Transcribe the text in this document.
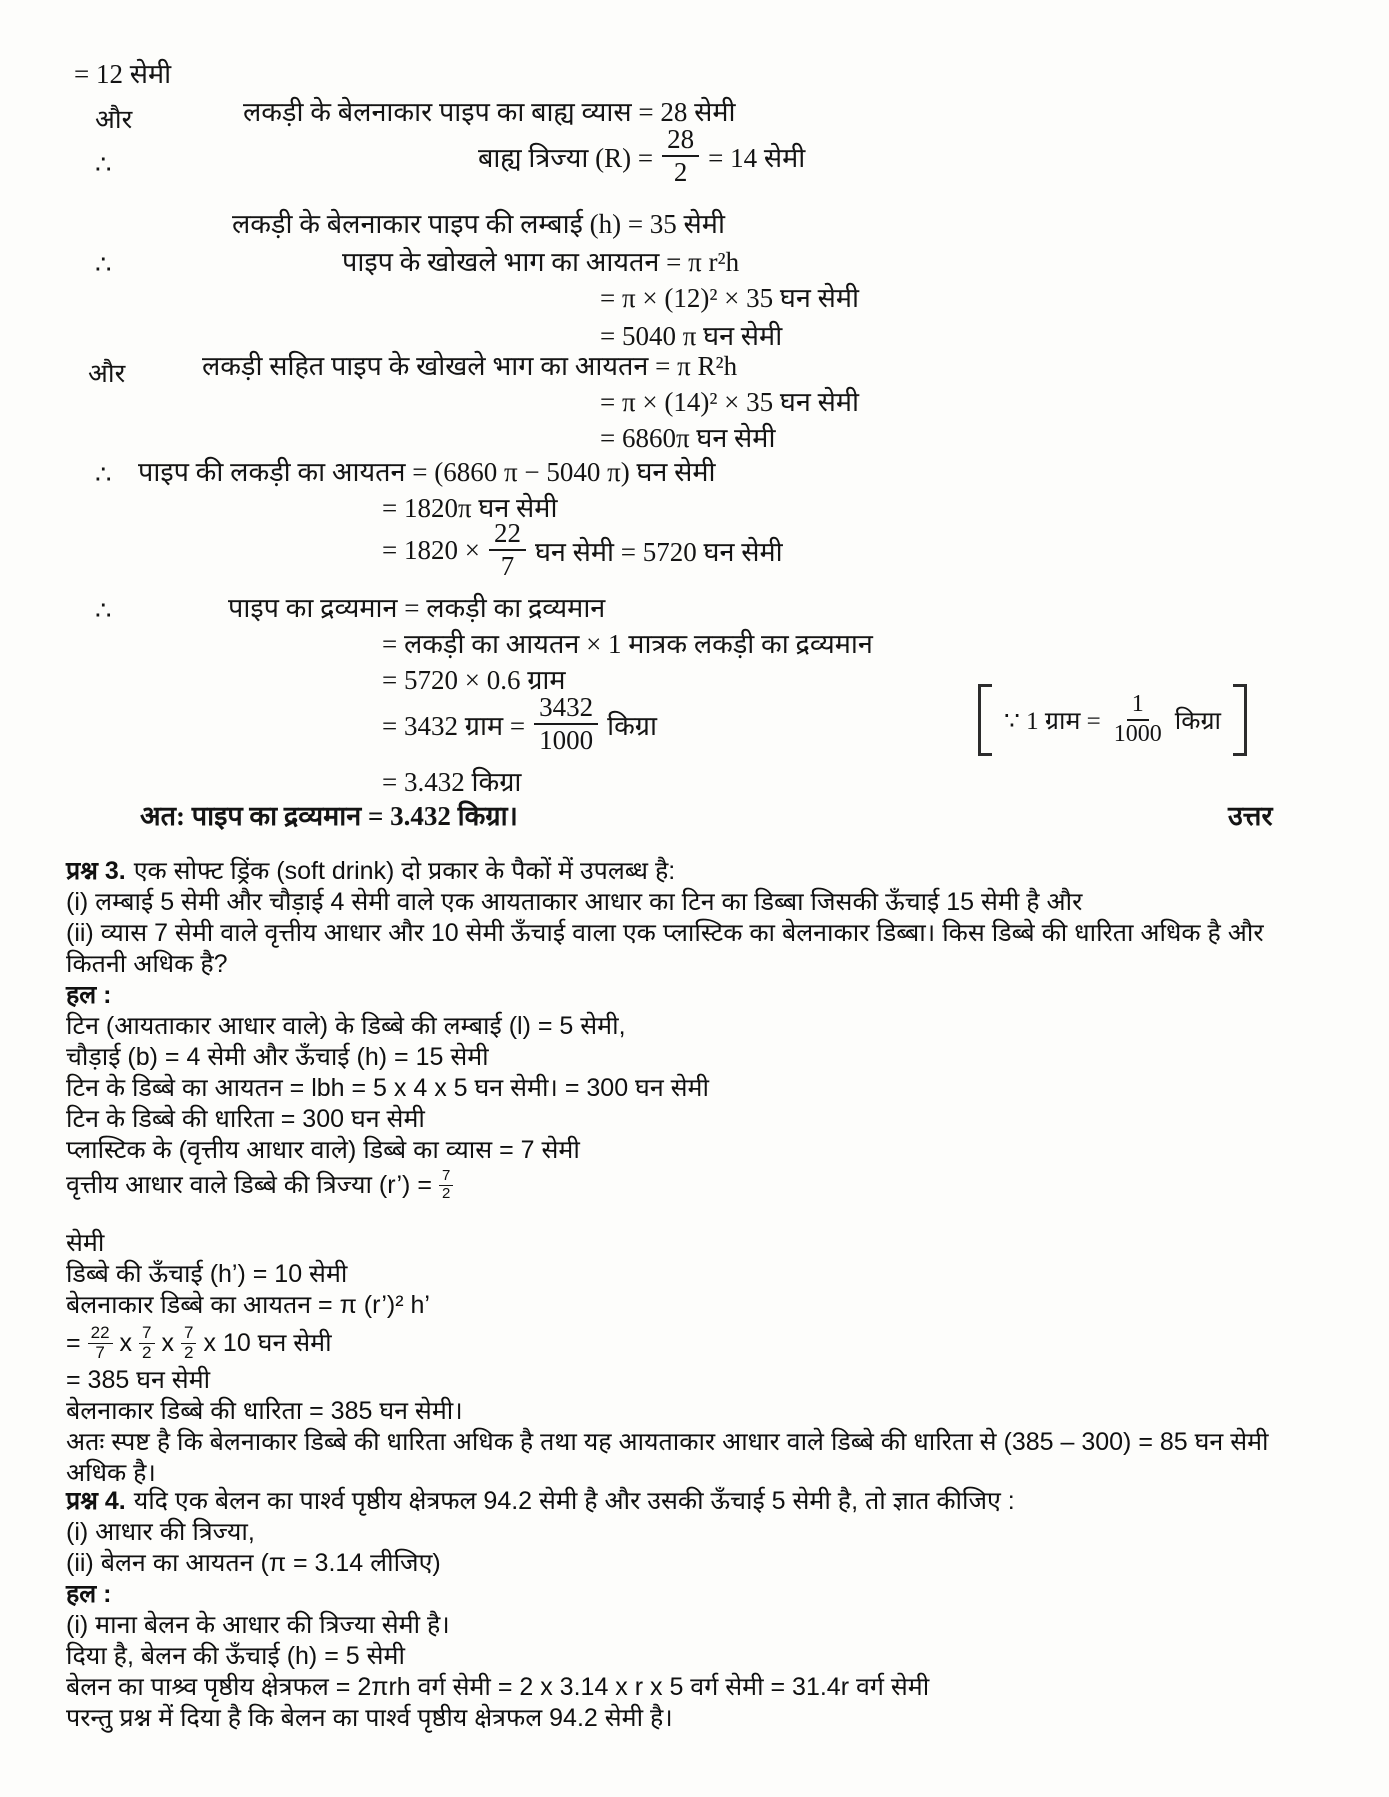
= 12 सेमी
और	लकड़ी के बेलनाकार पाइप का बाह्य व्यास = 28 सेमी
∴	बाह्य त्रिज्या $(R) = \frac{28}{2} = 14$ सेमी
लकड़ी के बेलनाकार पाइप की लम्बाई (h) = 35 सेमी
∴	पाइप के खोखले भाग का आयतन = π r²h
= π × (12)² × 35 घन सेमी
= 5040 π घन सेमी
और	लकड़ी सहित पाइप के खोखले भाग का आयतन = π R²h
= π × (14)² × 35 घन सेमी
= 6860π घन सेमी
∴ पाइप की लकड़ी का आयतन = (6860 π − 5040 π) घन सेमी
= 1820π घन सेमी
= $1820 \times \frac{22}{7}$ घन सेमी = 5720 घन सेमी
∴	पाइप का द्रव्यमान = लकड़ी का द्रव्यमान
= लकड़ी का आयतन × 1 मात्रक लकड़ी का द्रव्यमान
= 5720 × 0.6 ग्राम
= 3432 ग्राम = $\frac{3432}{1000}$ किग्रा	∵ 1 ग्राम = $\frac{1}{1000}$ किग्रा
= 3.432 किग्रा
अत: पाइप का द्रव्यमान = 3.432 किग्रा।	उत्तर
प्रश्न 3. एक सोफ्ट ड्रिंक (soft drink) दो प्रकार के पैकों में उपलब्ध है:
(i) लम्बाई 5 सेमी और चौड़ाई 4 सेमी वाले एक आयताकार आधार का टिन का डिब्बा जिसकी ऊँचाई 15 सेमी है और
(ii) व्यास 7 सेमी वाले वृत्तीय आधार और 10 सेमी ऊँचाई वाला एक प्लास्टिक का बेलनाकार डिब्बा। किस डिब्बे की धारिता अधिक है और कितनी अधिक है?
हल :
टिन (आयताकार आधार वाले) के डिब्बे की लम्बाई (l) = 5 सेमी,
चौड़ाई (b) = 4 सेमी और ऊँचाई (h) = 15 सेमी
टिन के डिब्बे का आयतन = lbh = 5 x 4 x 5 घन सेमी। = 300 घन सेमी
टिन के डिब्बे की धारिता = 300 घन सेमी
प्लास्टिक के (वृत्तीय आधार वाले) डिब्बे का व्यास = 7 सेमी
वृत्तीय आधार वाले डिब्बे की त्रिज्या (r’) = $\frac{7}{2}$
सेमी
डिब्बे की ऊँचाई (h’) = 10 सेमी
बेलनाकार डिब्बे का आयतन = π (r’)² h’
= $\frac{22}{7}$ x $\frac{7}{2}$ x $\frac{7}{2}$ x 10 घन सेमी
= 385 घन सेमी
बेलनाकार डिब्बे की धारिता = 385 घन सेमी।
अतः स्पष्ट है कि बेलनाकार डिब्बे की धारिता अधिक है तथा यह आयताकार आधार वाले डिब्बे की धारिता से (385 – 300) = 85 घन सेमी अधिक है।
प्रश्न 4. यदि एक बेलन का पार्श्व पृष्ठीय क्षेत्रफल 94.2 सेमी है और उसकी ऊँचाई 5 सेमी है, तो ज्ञात कीजिए :
(i) आधार की त्रिज्या,
(ii) बेलन का आयतन (π = 3.14 लीजिए)
हल :
(i) माना बेलन के आधार की त्रिज्या सेमी है।
दिया है, बेलन की ऊँचाई (h) = 5 सेमी
बेलन का पाश्र्व पृष्ठीय क्षेत्रफल = 2πrh वर्ग सेमी = 2 x 3.14 x r x 5 वर्ग सेमी = 31.4r वर्ग सेमी
परन्तु प्रश्न में दिया है कि बेलन का पार्श्व पृष्ठीय क्षेत्रफल 94.2 सेमी है।
